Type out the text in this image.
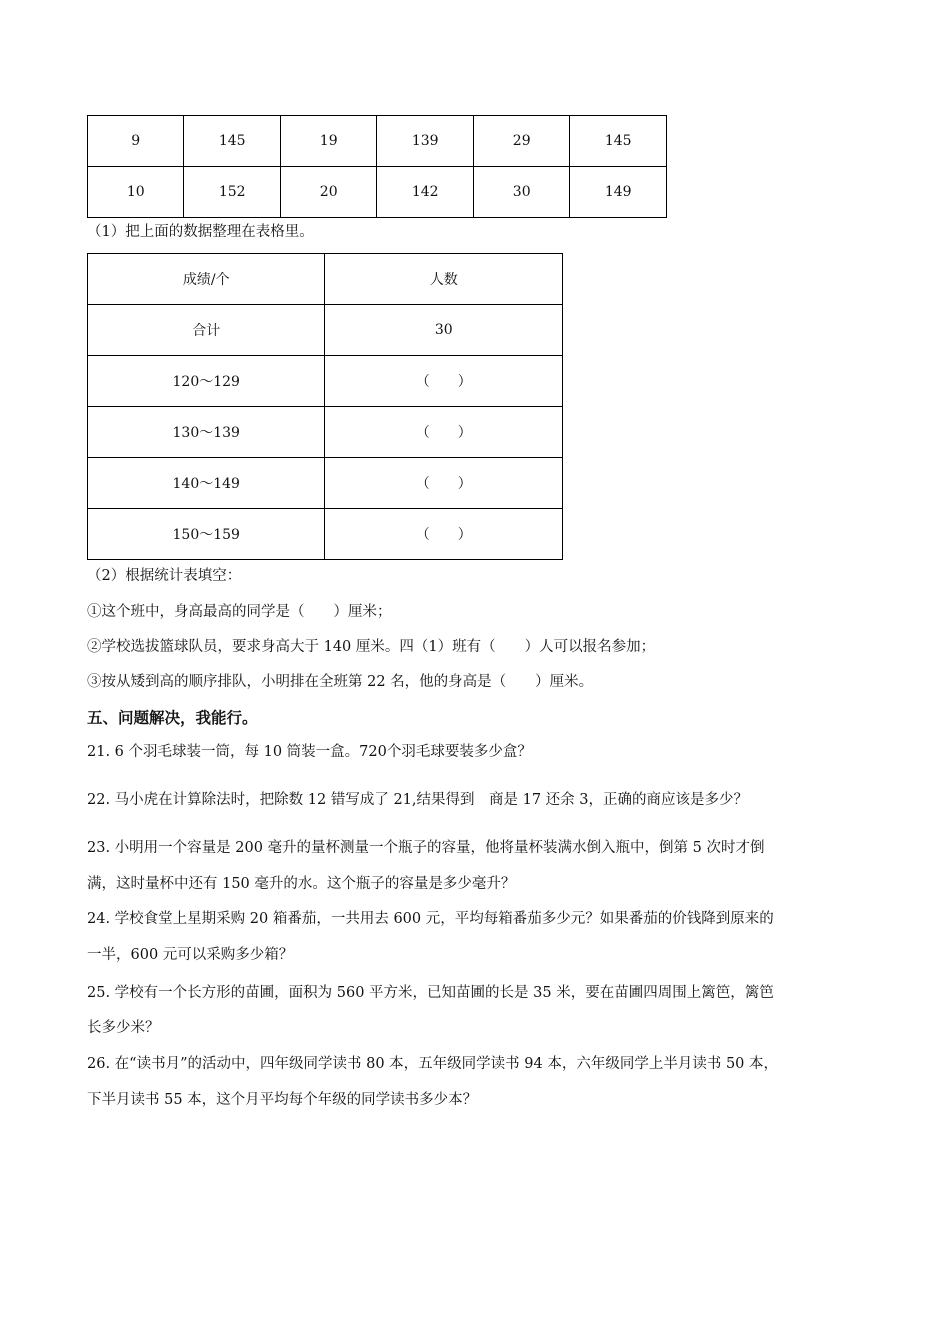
9	145	19	139	29	145
10	152	20	142	30	149
（1）把上面的数据整理在表格里。
成绩/个	人数
合计	30
120～129	（　　）
130～139	（　　）
140～149	（　　）
150～159	（　　）
（2）根据统计表填空：
①这个班中，身高最高的同学是（　　）厘米；
②学校选拔篮球队员，要求身高大于 140 厘米。四（1）班有（　　）人可以报名参加；
③按从矮到高的顺序排队，小明排在全班第 22 名，他的身高是（　　）厘米。
五、问题解决，我能行。
21. 6 个羽毛球装一筒，每 10 筒装一盒。720个羽毛球要装多少盒？
22. 马小虎在计算除法时，把除数 12 错写成了 21,结果得到　商是 17 还余 3，正确的商应该是多少？
23. 小明用一个容量是 200 毫升的量杯测量一个瓶子的容量，他将量杯装满水倒入瓶中，倒第 5 次时才倒
满，这时量杯中还有 150 毫升的水。这个瓶子的容量是多少毫升？
24. 学校食堂上星期采购 20 箱番茄，一共用去 600 元，平均每箱番茄多少元？如果番茄的价钱降到原来的
一半，600 元可以采购多少箱？
25. 学校有一个长方形的苗圃，面积为 560 平方米，已知苗圃的长是 35 米，要在苗圃四周围上篱笆，篱笆
长多少米？
26. 在“读书月”的活动中，四年级同学读书 80 本，五年级同学读书 94 本，六年级同学上半月读书 50 本，
下半月读书 55 本，这个月平均每个年级的同学读书多少本？
